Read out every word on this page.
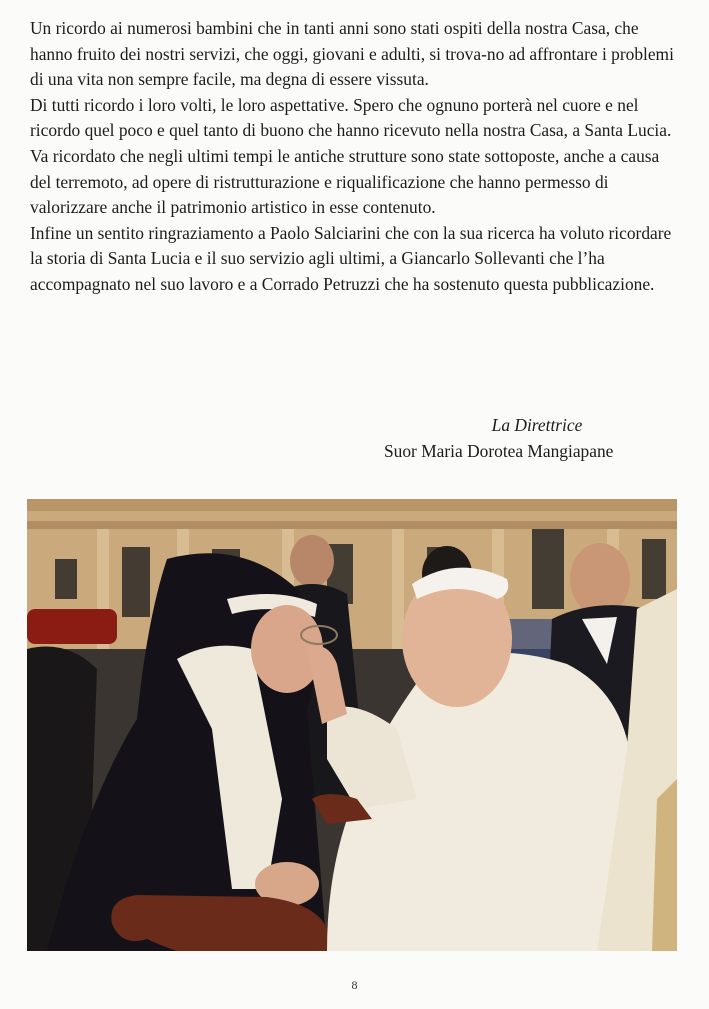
Un ricordo ai numerosi bambini che in tanti anni sono stati ospiti della nostra Casa, che hanno fruito dei nostri servizi, che oggi, giovani e adulti, si trova-no ad affrontare i problemi di una vita non sempre facile, ma degna di essere vissuta.

Di tutti ricordo i loro volti, le loro aspettative. Spero che ognuno porterà nel cuore e nel ricordo quel poco e quel tanto di buono che hanno ricevuto nella nostra Casa, a Santa Lucia.

Va ricordato che negli ultimi tempi le antiche strutture sono state sottoposte, anche a causa del terremoto, ad opere di ristrutturazione e riqualificazione che hanno permesso di valorizzare anche il patrimonio artistico in esse contenuto.

Infine un sentito ringraziamento a Paolo Salciarini che con la sua ricerca ha voluto ricordare la storia di Santa Lucia e il suo servizio agli ultimi, a Giancarlo Sollevanti che l’ha accompagnato nel suo lavoro e a Corrado Petruzzi che ha sostenuto questa pubblicazione.

La Direttrice
Suor Maria Dorotea Mangiapane
8
